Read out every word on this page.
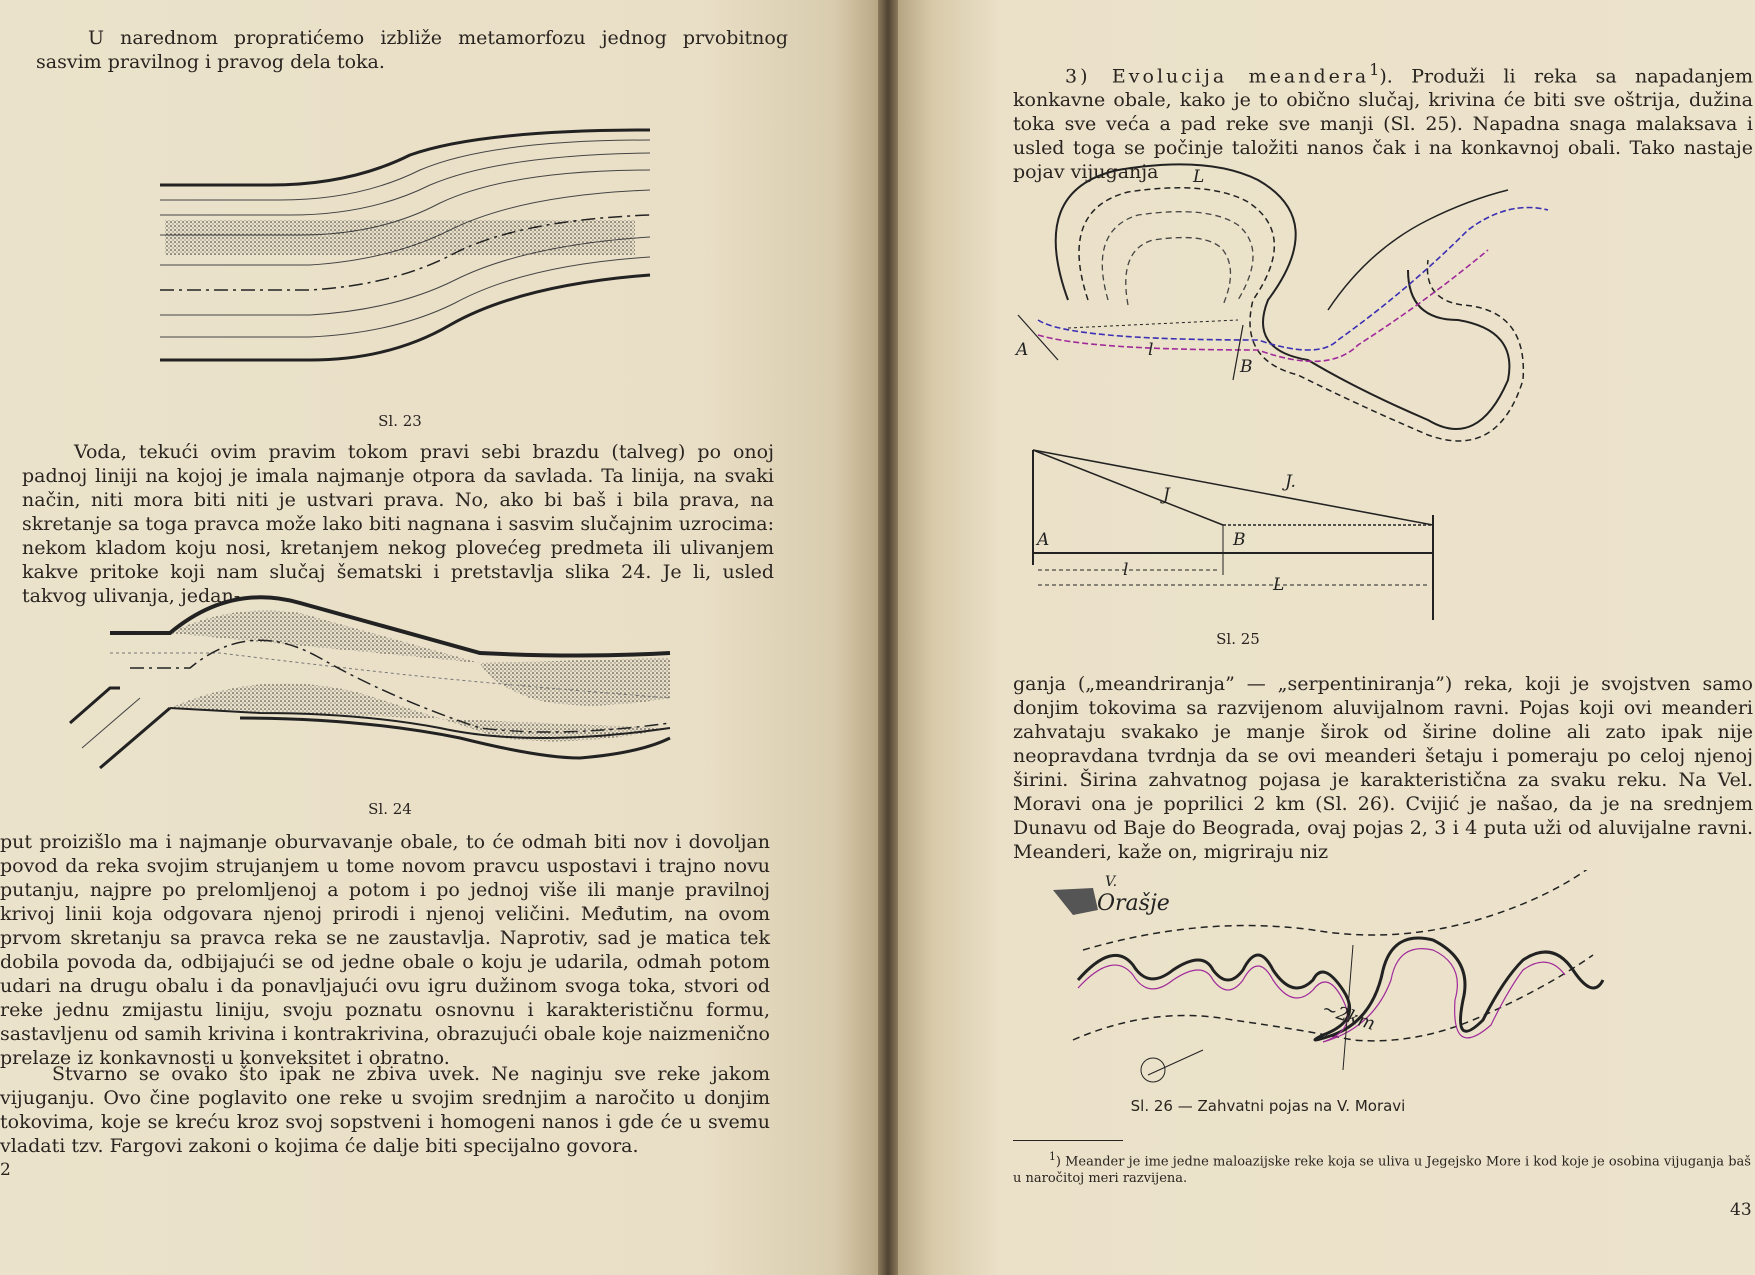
U narednom propratićemo izbliže metamorfozu jednog prvobitnog sasvim pravilnog i pravog dela toka.

Sl. 23

Voda, tekući ovim pravim tokom pravi sebi brazdu (talveg) po onoj padnoj liniji na kojoj je imala najmanje otpora da savlada. Ta linija, na svaki način, niti mora biti niti je ustvari prava. No, ako bi baš i bila prava, na skretanje sa toga pravca može lako biti nagnana i sasvim slučajnim uzrocima: nekom kladom koju nosi, kretanjem nekog plovećeg predmeta ili ulivanjem kakve pritoke koji nam slučaj šematski i pretstavlja slika 24. Je li, usled takvog ulivanja, jedan-

Sl. 24

put proizišlo ma i najmanje oburvavanje obale, to će odmah biti nov i dovoljan povod da reka svojim strujanjem u tome novom pravcu uspostavi i trajno novu putanju, najpre po prelomljenoj a potom i po jednoj više ili manje pravilnoj krivoj linii koja odgovara njenoj prirodi i njenoj veličini. Međutim, na ovom prvom skretanju sa pravca reka se ne zaustavlja. Naprotiv, sad je matica tek dobila povoda da, odbijajući se od jedne obale o koju je udarila, odmah potom udari na drugu obalu i da ponavljajući ovu igru dužinom svoga toka, stvori od reke jednu zmijastu liniju, svoju poznatu osnovnu i karakterističnu formu, sastavljenu od samih krivina i kontrakrivina, obrazujući obale koje naizmenično prelaze iz konkavnosti u konveksitet i obratno.

Stvarno se ovako što ipak ne zbiva uvek. Ne naginju sve reke jakom vijuganju. Ovo čine poglavito one reke u svojim srednjim a naročito u donjim tokovima, koje se kreću kroz svoj sopstveni i homogeni nanos i gde će u svemu vladati tzv. Fargovi zakoni o kojima će dalje biti specijalno govora.

2

3) Evolucija meandera$^1$). Produži li reka sa napadanjem konkavne obale, kako je to obično slučaj, krivina će biti sve oštrija, dužina toka sve veća a pad reke sve manji (Sl. 25). Napadna snaga malaksava i usled toga se počinje taložiti nanos čak i na konkavnoj obali. Tako nastaje pojav vijuganja

A
B
l
L
A	B
J
J.
l
L
Sl. 25

ganja („meandriranja” — „serpentiniranja”) reka, koji je svojstven samo donjim tokovima sa razvijenom aluvijalnom ravni. Pojas koji ovi meanderi zahvataju svakako je manje širok od širine doline ali zato ipak nije neopravdana tvrdnja da se ovi meanderi šetaju i pomeraju po celoj njenoj širini. Širina zahvatnog pojasa je karakteristična za svaku reku. Na Vel. Moravi ona je poprilici 2 km (Sl. 26). Cvijić je našao, da je na srednjem Dunavu od Baje do Beograda, ovaj pojas 2, 3 i 4 puta uži od aluvijalne ravni. Meanderi, kaže on, migriraju niz

Orašje
V.
~2km
Sl. 26 — Zahvatni pojas na V. Moravi
$^1$) Meander je ime jedne maloazijske reke koja se uliva u Jegejsko More i kod koje je osobina vijuganja baš u naročitoj meri razvijena.
43
